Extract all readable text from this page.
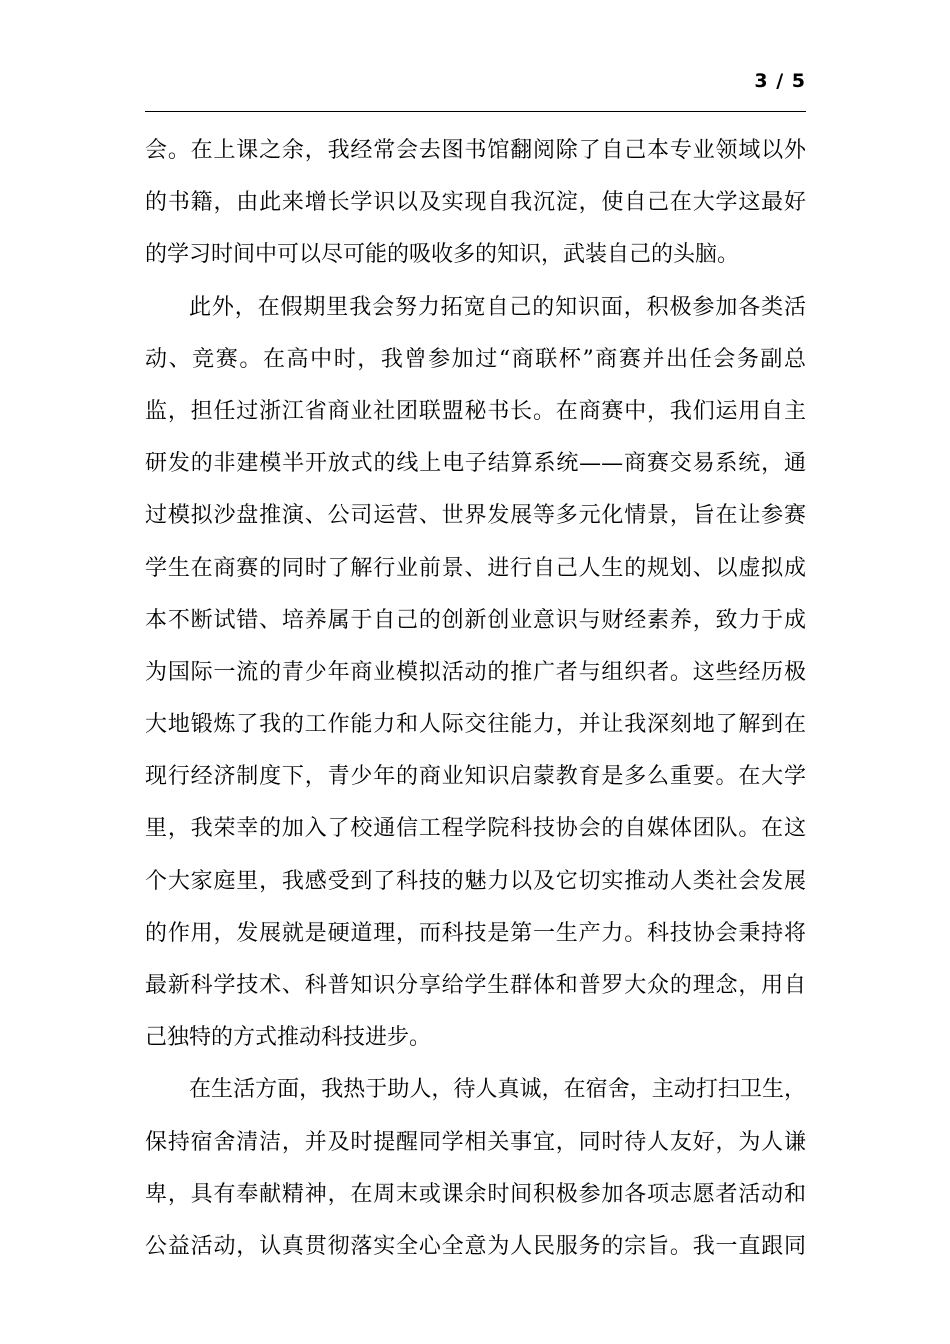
3 / 5
会。在上课之余，我经常会去图书馆翻阅除了自己本专业领域以外
的书籍，由此来增长学识以及实现自我沉淀，使自己在大学这最好
的学习时间中可以尽可能的吸收多的知识，武装自己的头脑。
此外，在假期里我会努力拓宽自己的知识面，积极参加各类活
动、竞赛。在高中时，我曾参加过“商联杯”商赛并出任会务副总
监，担任过浙江省商业社团联盟秘书长。在商赛中，我们运用自主
研发的非建模半开放式的线上电子结算系统——商赛交易系统，通
过模拟沙盘推演、公司运营、世界发展等多元化情景，旨在让参赛
学生在商赛的同时了解行业前景、进行自己人生的规划、以虚拟成
本不断试错、培养属于自己的创新创业意识与财经素养，致力于成
为国际一流的青少年商业模拟活动的推广者与组织者。这些经历极
大地锻炼了我的工作能力和人际交往能力，并让我深刻地了解到在
现行经济制度下，青少年的商业知识启蒙教育是多么重要。在大学
里，我荣幸的加入了校通信工程学院科技协会的自媒体团队。在这
个大家庭里，我感受到了科技的魅力以及它切实推动人类社会发展
的作用，发展就是硬道理，而科技是第一生产力。科技协会秉持将
最新科学技术、科普知识分享给学生群体和普罗大众的理念，用自
己独特的方式推动科技进步。
在生活方面，我热于助人，待人真诚，在宿舍，主动打扫卫生，
保持宿舍清洁，并及时提醒同学相关事宜，同时待人友好，为人谦
卑，具有奉献精神，在周末或课余时间积极参加各项志愿者活动和
公益活动，认真贯彻落实全心全意为人民服务的宗旨。我一直跟同
